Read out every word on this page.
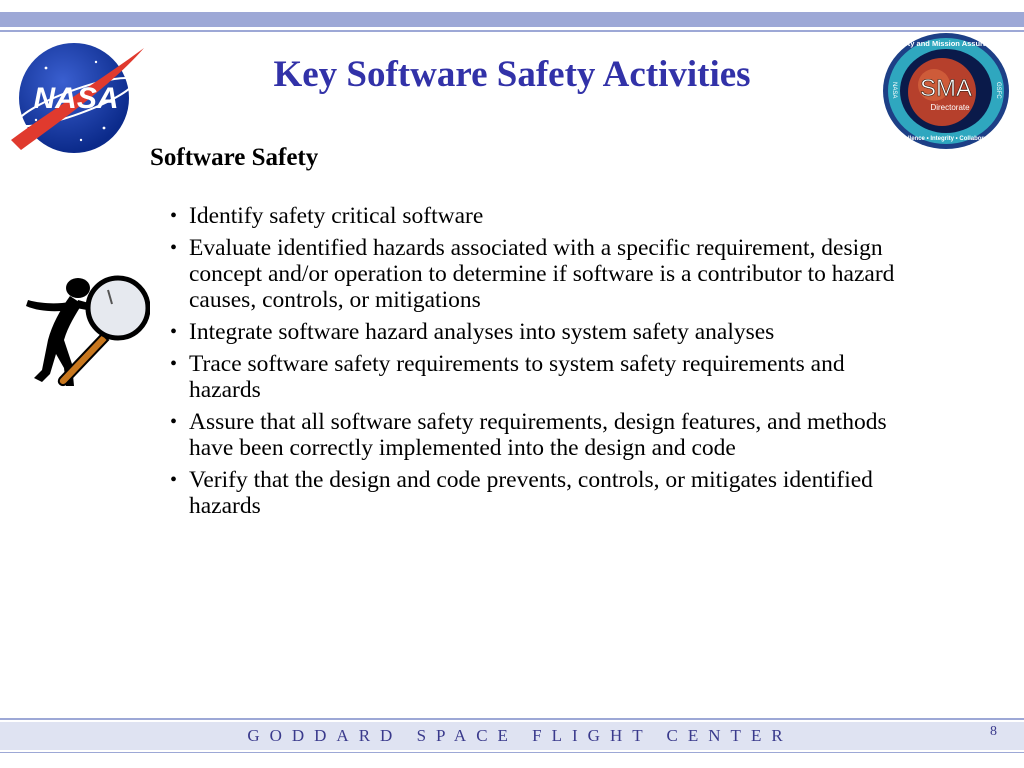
NASA
Key Software Safety Activities
Safety and Mission Assurance
SMA
Directorate
Excellence • Integrity • Collaboration
NASA	GSFC
Software Safety
• Identify safety critical software
• Evaluate identified hazards associated with a specific requirement, design concept and/or operation to determine if software is a contributor to hazard causes, controls, or mitigations
• Integrate software hazard analyses into system safety analyses
• Trace software safety requirements to system safety requirements and hazards
• Assure that all software safety requirements, design features, and methods have been correctly implemented into the design and code
• Verify that the design and code prevents, controls, or mitigates identified hazards
GODDARD SPACE FLIGHT CENTER	8
